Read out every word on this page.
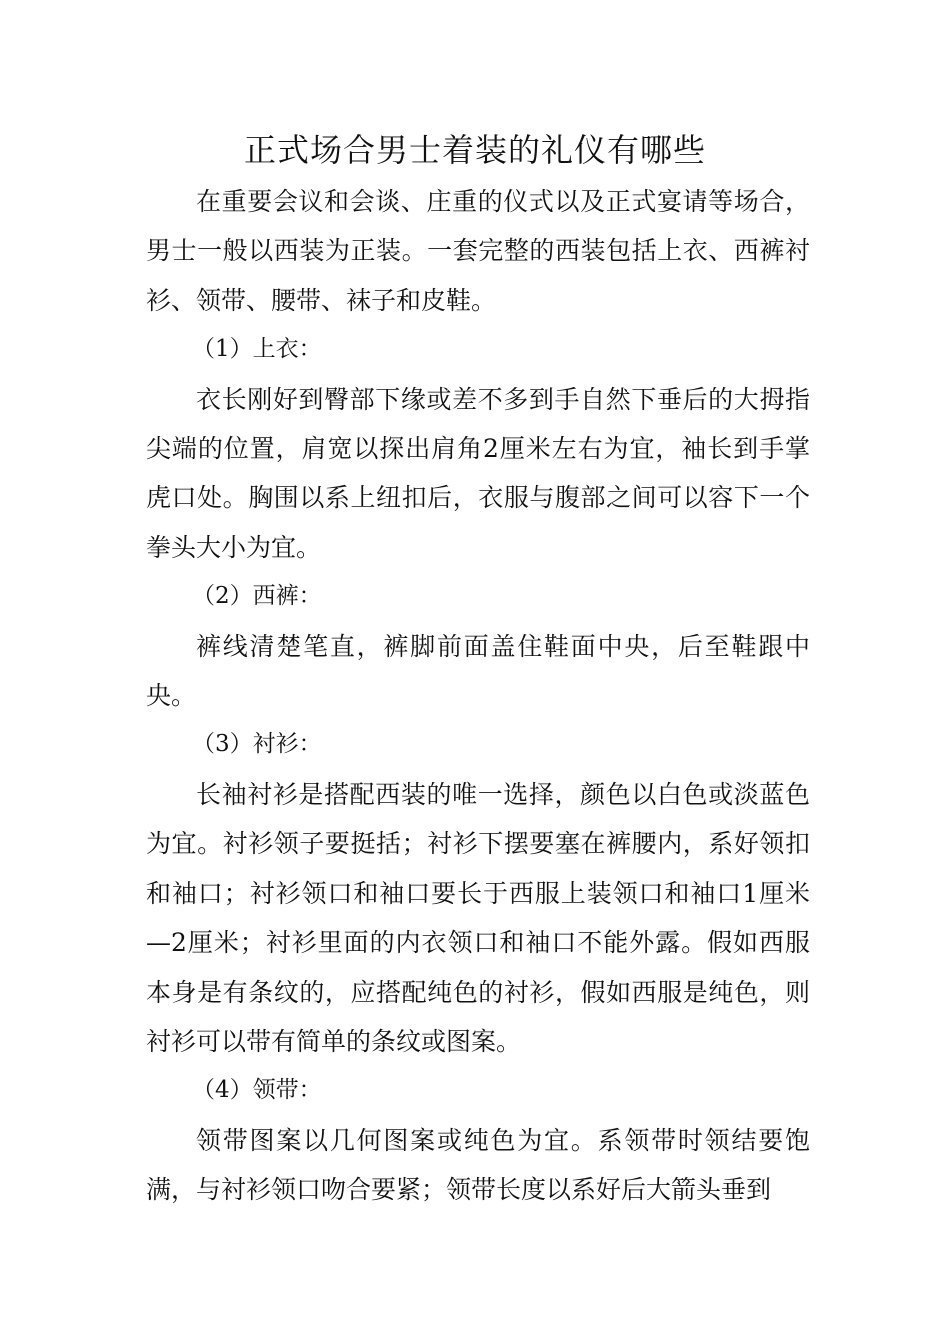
正式场合男士着装的礼仪有哪些

在重要会议和会谈、庄重的仪式以及正式宴请等场合，男士一般以西装为正装。一套完整的西装包括上衣、西裤衬衫、领带、腰带、袜子和皮鞋。

（1）上衣：

衣长刚好到臀部下缘或差不多到手自然下垂后的大拇指尖端的位置，肩宽以探出肩角2厘米左右为宜，袖长到手掌虎口处。胸围以系上纽扣后，衣服与腹部之间可以容下一个拳头大小为宜。

（2）西裤：

裤线清楚笔直，裤脚前面盖住鞋面中央，后至鞋跟中央。

（3）衬衫：

长袖衬衫是搭配西装的唯一选择，颜色以白色或淡蓝色为宜。衬衫领子要挺括；衬衫下摆要塞在裤腰内，系好领扣和袖口；衬衫领口和袖口要长于西服上装领口和袖口1厘米—2厘米；衬衫里面的内衣领口和袖口不能外露。假如西服本身是有条纹的，应搭配纯色的衬衫，假如西服是纯色，则衬衫可以带有简单的条纹或图案。

（4）领带：

领带图案以几何图案或纯色为宜。系领带时领结要饱满，与衬衫领口吻合要紧；领带长度以系好后大箭头垂到
